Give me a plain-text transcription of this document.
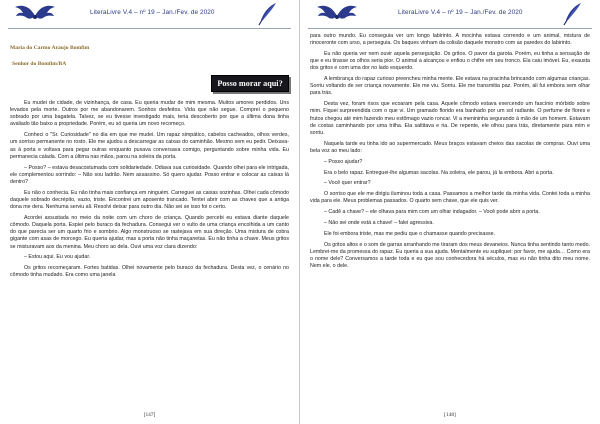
LiteraLivre V.4 – nº 19 – Jan./Fev. de 2020
Maria do Carmo Araujo Bomfim
Senhor do Bomfim/BA
Posso morar aqui?

Eu mudei de cidade, de vizinhança, de casa. Eu queria mudar de mim mesma. Muitos amores perdidos. Uns levados pela morte. Outros por me abandonarem. Sonhos desfeitos. Vida que não segue. Comprei o pequeno sobrado por uma bagatela. Talvez, se eu tivesse investigado mais, teria descoberto por que a última dona tinha avaliado tão baixo a propriedade. Porém, eu só queria um novo recomeço.

Conheci o "Sr. Curiosidade" no dia em que me mudei. Um rapaz simpático, cabelos cacheados, olhos verdes, um sorriso permanente no rosto. Ele me ajudou a descarregar as caixas do caminhão. Mesmo sem eu pedir. Deixava-as à porta e voltava para pegar outras enquanto puxava conversava comigo, perguntando sobre minha vida. Eu permanecia calada. Com a última nas mãos, parou na soleira da porta.

– Posso? – estava desacostumada com solidariedade. Odiava sua curiosidade. Quando olhei para ele intrigada, ele complementou sorrindo: – Não sou ladrão. Nem assassino. Só quero ajudar. Posso entrar e colocar as caixas lá dentro?

Eu não o conhecia. Eu não tinha mais confiança em ninguém. Carreguei as caixas sozinhas. Olhei cada cômodo daquele sobrado decrépito, vazio, triste. Encontrei um aposento trancado. Tentei abrir com as chaves que a antiga dona me dera. Nenhuma serviu ali. Resolvi deixar para outro dia. Não sei se isso foi o certo.

Acordei assustada no meio da noite com um choro de criança. Quando percebi eu estava diante daquele cômodo. Daquela porta. Espiei pelo buraco da fechadura. Consegui ver o vulto de uma criança encolhida a um canto do que parecia ser um quarto frio e sombrio. Algo monstruoso se rastejava em sua direção. Uma mistura de cobra gigante com asas de morcego. Eu queria ajudar, mas a porta não tinha maçanetas. Eu não tinha a chave. Meus gritos se misturavam aos da menina. Meu choro ao dela. Ouvi uma voz clara dizendo:

– Estou aqui. Eu vou ajudar.

Os gritos recomeçaram. Fortes batidas. Olhei novamente pelo buraco da fechadura. Desta vez, o cenário no cômodo tinha mudado. Era como uma janela

[147]
LiteraLivre V.4 – nº 19 – Jan./Fev. de 2020

para outro mundo. Eu conseguia ver um longo labirinto. A mocinha estava correndo e um animal, mistura de rinoceronte com urso, a perseguia. Os baques vinham da colisão daquele monstro com as paredes do labirinto.

Eu não queria ver nem ouvir aquela perseguição. Os gritos. O pavor da garota. Porém, eu tinha a sensação de que e eu tirasse os olhos seria pior. O animal a alcançou e enfiou o chifre em seu tronco. Ela caiu imóvel. Eu, exausta dos gritos e com uma dor no lado esquerdo.

A lembrança do rapaz curioso preencheu minha mente. Ele estava na pracinha brincando com algumas crianças. Sorriu voltando de ser criança novamente. Ele me viu. Sorriu. Ele me transmitia paz. Porém, ali fui embora sem olhar para trás.

Desta vez, foram risos que ecoaram pela casa. Aquele cômodo estava exercendo um fascínio mórbido sobre mim. Fiquei surpreendida com o que vi. Um gramado florido era banhado por um sol radiante. O perfume de flores e frutos chegou até mim fazendo meu estômago vazio roncar. Vi a menininha segurando à mão de um homem. Estavam de costas caminhando por uma trilha. Ela saltitava e ria. De repente, ele olhou para trás, diretamente para mim e sorriu.

Naquela tarde eu tinha ido ao supermercado. Meus braços estavam cheios das sacolas de compras. Ouvi uma bela voz ao meu lado:

– Posso ajudar?

Era o belo rapaz. Entreguei-lhe algumas sacolas. Na soleira, ele parou, já la embora. Abri a porta.

– Você quer entrar?

O sorriso que ele me dirigiu iluminou toda a casa. Passamos a melhor tarde da minha vida. Contei toda a minha vida para ele. Meus problemas passados. O quarto sem chave, que ele quis ver.

– Cadê a chave? – ele olhava para mim com um olhar indagador. – Você pode abrir a porta.

– Não sei onde está a chave! – falei agressiva.

Ele foi embora triste, mas me pediu que o chamasse quando precisasse.

Os gritos altos e o som de garras arranhando me tiraram dos meus devaneios. Nunca tinha sentindo tanto medo. Lembrei-me da promessa do rapaz. Eu queria a sua ajuda. Mentalmente eu supliquei: por favor, me ajuda… Como era o nome dele? Conversamos a tarde toda e eu que sou conhecedora há séculos, mas eu não tinha dito meu nome. Nem ele, o dele.

[148]
